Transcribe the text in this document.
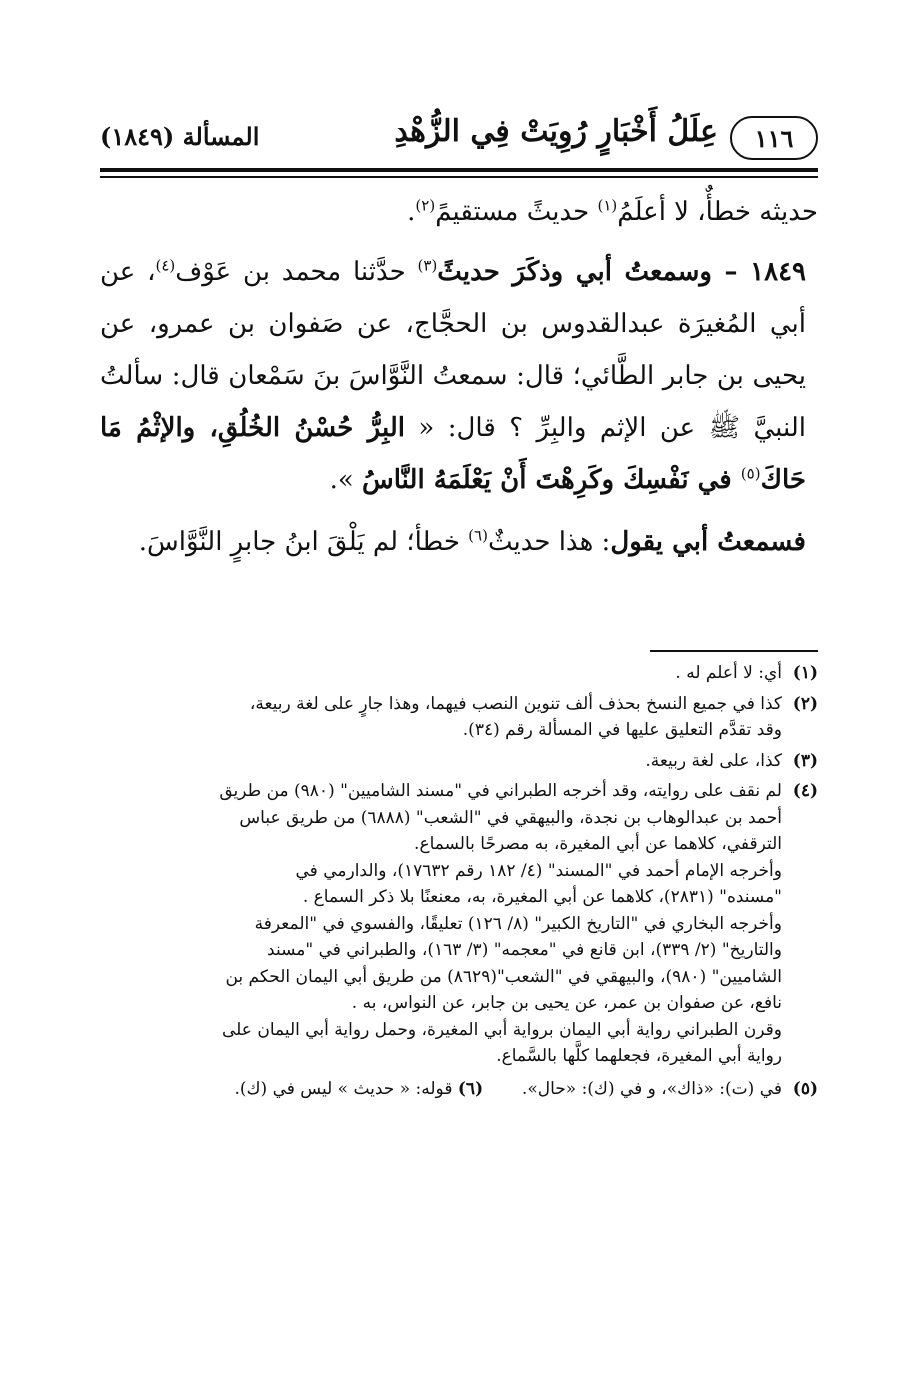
١١٦
عِلَلُ أَخْبَارٍ رُوِيَتْ فِي الزُّهْدِ
المسألة (١٨٤٩)

حديثه خطأٌ، لا أعلَمُ$^{(١)}$ حديثً مستقيمً$^{(٢)}$.

١٨٤٩ – وسمعتُ أبي وذكَرَ حديثً$^{(٣)}$ حدَّثنا محمد بن عَوْف$^{(٤)}$، عن أبي المُغيرَة عبدالقدوس بن الحجَّاج، عن صَفوان بن عمرو، عن يحيى بن جابر الطَّائي؛ قال: سمعتُ النَّوَّاسَ بنَ سَمْعان قال: سألتُ النبيَّ ﷺ عن الإثم والبِرِّ ؟ قال: « البِرُّ حُسْنُ الخُلُقِ، والإثْمُ مَا حَاكَ$^{(٥)}$ في نَفْسِكَ وكَرِهْتَ أَنْ يَعْلَمَهُ النَّاسُ ».

فسمعتُ أبي يقول: هذا حديثٌ$^{(٦)}$ خطأ؛ لم يَلْقَ ابنُ جابرٍ النَّوَّاسَ.

(١)
أي: لا أعلم له .
(٢)
كذا في جميع النسخ بحذف ألف تنوين النصب فيهما، وهذا جارٍ على لغة ربيعة،
وقد تقدَّم التعليق عليها في المسألة رقم (٣٤).
(٣)
كذا، على لغة ربيعة.
(٤)
لم نقف على روايته، وقد أخرجه الطبراني في "مسند الشاميين" (٩٨٠) من طريق
أحمد بن عبدالوهاب بن نجدة، والبيهقي في "الشعب" (٦٨٨٨) من طريق عباس
الترقفي، كلاهما عن أبي المغيرة، به مصرحًا بالسماع.
وأخرجه الإمام أحمد في "المسند" (٤/ ١٨٢ رقم ١٧٦٣٢)، والدارمي في
"مسنده" (٢٨٣١)، كلاهما عن أبي المغيرة، به، معنعنًا بلا ذكر السماع .
وأخرجه البخاري في "التاريخ الكبير" (٨/ ١٢٦) تعليقًا، والفسوي في "المعرفة
والتاريخ" (٢/ ٣٣٩)، ابن قانع في "معجمه" (٣/ ١٦٣)، والطبراني في "مسند
الشاميين" (٩٨٠)، والبيهقي في "الشعب"(٨٦٢٩) من طريق أبي اليمان الحكم بن
نافع، عن صفوان بن عمر، عن يحيى بن جابر، عن النواس، به .
وقرن الطبراني رواية أبي اليمان برواية أبي المغيرة، وحمل رواية أبي اليمان على
رواية أبي المغيرة، فجعلهما كلَّها بالسَّماع.
(٥)
في (ت): «ذاك»، و في (ك): «حال».  (٦) قوله: « حديث » ليس في (ك).
